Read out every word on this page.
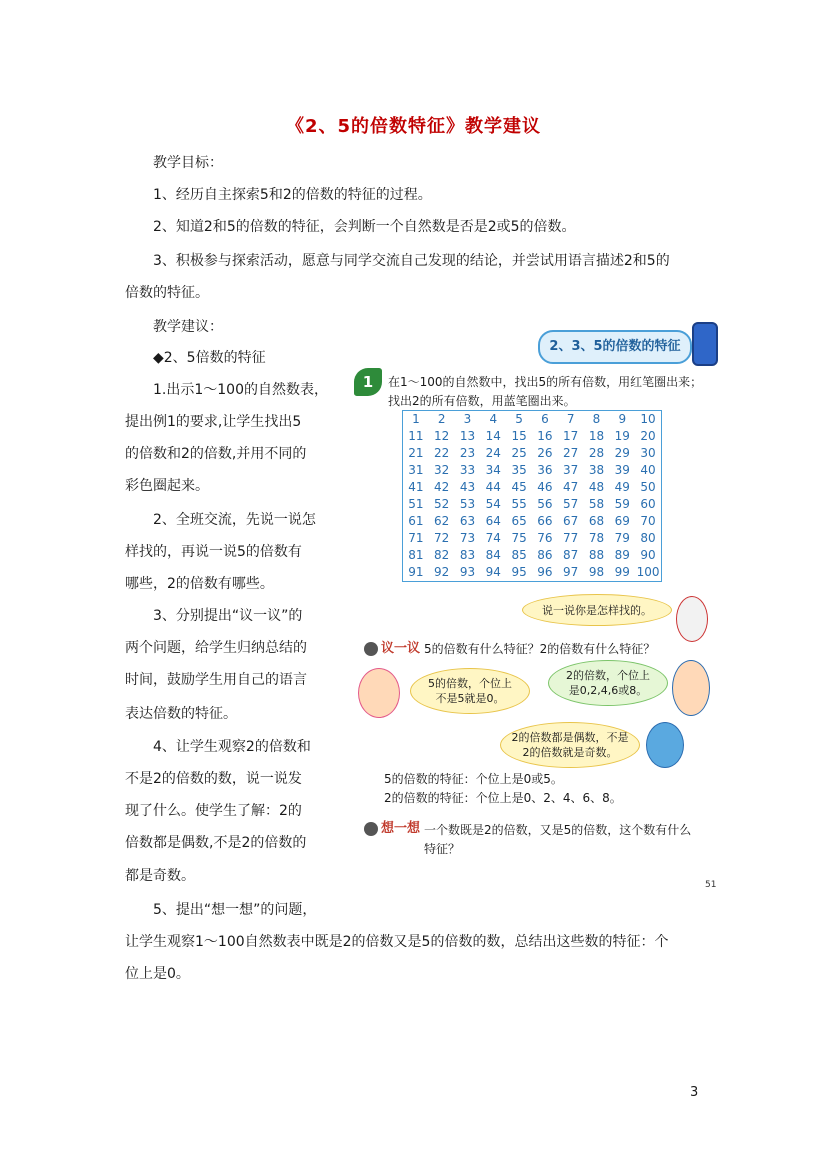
《2、5的倍数特征》教学建议
教学目标：
1、经历自主探索5和2的倍数的特征的过程。
2、知道2和5的倍数的特征，会判断一个自然数是否是2或5的倍数。
3、积极参与探索活动，愿意与同学交流自己发现的结论，并尝试用语言描述2和5的
倍数的特征。
教学建议：
◆2、5倍数的特征
1.出示1～100的自然数表，
提出例1的要求,让学生找出5
的倍数和2的倍数,并用不同的
彩色圈起来。
2、全班交流，先说一说怎
样找的，再说一说5的倍数有
哪些，2的倍数有哪些。
3、分别提出“议一议”的
两个问题，给学生归纳总结的
时间，鼓励学生用自己的语言
表达倍数的特征。
4、让学生观察2的倍数和
不是2的倍数的数，说一说发
现了什么。使学生了解：2的
倍数都是偶数,不是2的倍数的
都是奇数。
5、提出“想一想”的问题，
让学生观察1～100自然数表中既是2的倍数又是5的倍数的数，总结出这些数的特征：个
位上是0。
2、3、5的倍数的特征
1	在1～100的自然数中，找出5的所有倍数，用红笔圈出来；
找出2的所有倍数，用蓝笔圈出来。
1	2	3	4	5	6	7	8	9	10
11 12 13 14 15 16 17 18 19 20
21 22 23 24 25 26 27 28 29 30
31 32 33 34 35 36 37 38 39 40
41 42 43 44 45 46 47 48 49 50
51 52 53 54 55 56 57 58 59 60
61 62 63 64 65 66 67 68 69 70
71 72 73 74 75 76 77 78 79 80
81 82 83 84 85 86 87 88 89 90
91 92 93 94 95 96 97 98 99 100
说一说你是怎样找的。
议一议 5的倍数有什么特征？2的倍数有什么特征？
5的倍数，个位上
不是5就是0。
2的倍数，个位上
是0,2,4,6或8。
2的倍数都是偶数，不是
2的倍数就是奇数。
5的倍数的特征：个位上是0或5。
2的倍数的特征：个位上是0、2、4、6、8。
想一想 一个数既是2的倍数，又是5的倍数，这个数有什么
特征？
51
3
